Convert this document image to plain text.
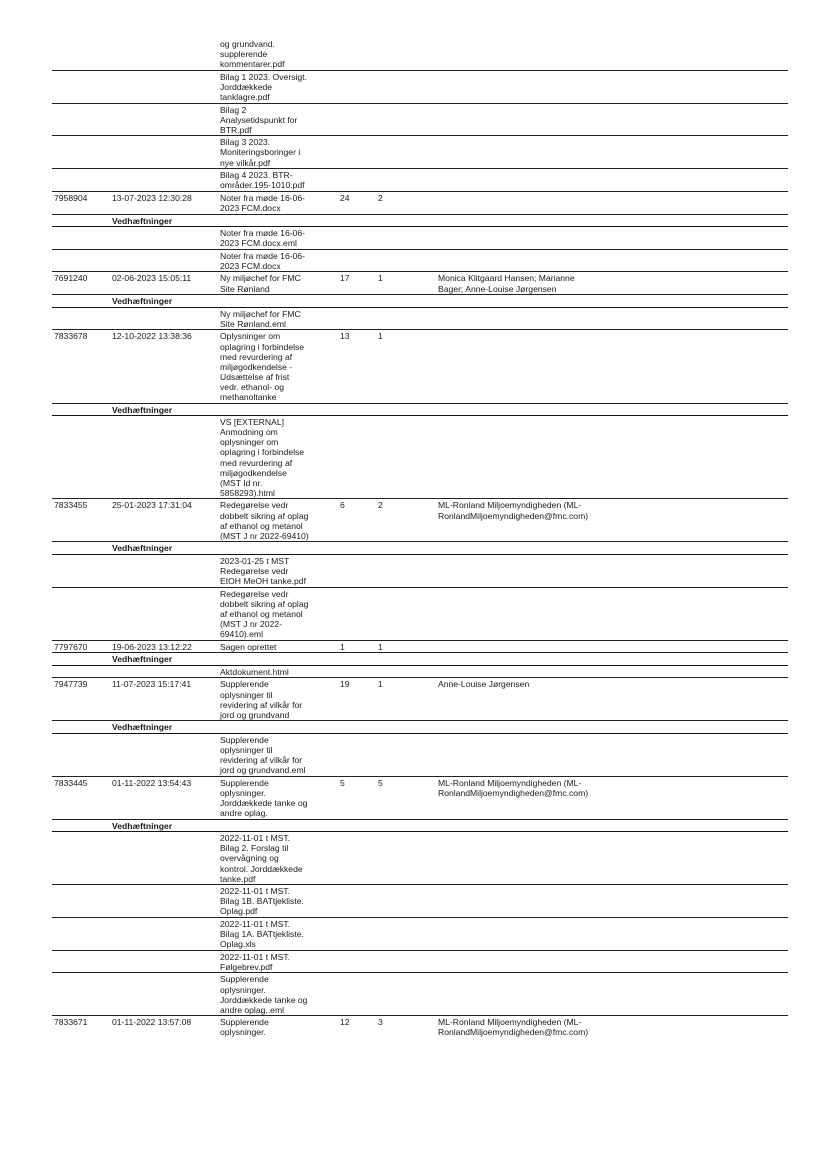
og grundvand.
supplerende
kommentarer.pdf
Bilag 1 2023. Oversigt.
Jorddækkede
tanklagre.pdf
Bilag 2
Analysetidspunkt for
BTR.pdf
Bilag 3 2023.
Moniteringsboringer i
nye vilkår.pdf
Bilag 4 2023. BTR-
områder.195-1010.pdf
7958904	13-07-2023 12:30:28	Noter fra møde 16-06-
2023 FCM.docx
24	2
Vedhæftninger
Noter fra møde 16-06-
2023 FCM.docx.eml
Noter fra møde 16-06-
2023 FCM.docx
7691240	02-06-2023 15:05:11	Ny miljøchef for FMC
Site Rønland
17	1	Monica Klitgaard Hansen; Marianne
Bager; Anne-Louise Jørgensen
Vedhæftninger
Ny miljøchef for FMC
Site Rønland.eml
7833678	12-10-2022 13:38:36	Oplysninger om
oplagring i forbindelse
med revurdering af
miljøgodkendelse -
Udsættelse af frist
vedr. ethanol- og
methanoltanke
13	1
Vedhæftninger
VS [EXTERNAL]
Anmodning om
oplysninger om
oplagring i forbindelse
med revurdering af
miljøgodkendelse
(MST Id nr.
5858293).html
7833455	25-01-2023 17:31:04	Redegørelse vedr
dobbelt sikring af oplag
af ethanol og metanol
(MST J nr 2022-69410)
6	2	ML-Ronland Miljoemyndigheden (ML-
RonlandMiljoemyndigheden@fmc.com)
Vedhæftninger
2023-01-25 t MST
Redegørelse vedr
EtOH MeOH tanke.pdf
Redegørelse vedr
dobbelt sikring af oplag
af ethanol og metanol
(MST J nr 2022-
69410).eml
7797670	19-06-2023 13:12:22	Sagen oprettet	1	1
Vedhæftninger
Aktdokument.html
7947739	11-07-2023 15:17:41	Supplerende
oplysninger til
revidering af vilkår for
jord og grundvand
19	1	Anne-Louise Jørgensen
Vedhæftninger
Supplerende
oplysninger til
revidering af vilkår for
jord og grundvand.eml
7833445	01-11-2022 13:54:43	Supplerende
oplysninger.
Jorddækkede tanke og
andre oplag.
5	5	ML-Ronland Miljoemyndigheden (ML-
RonlandMiljoemyndigheden@fmc.com)
Vedhæftninger
2022-11-01 t MST.
Bilag 2. Forslag til
overvågning og
kontrol. Jorddækkede
tanke.pdf
2022-11-01 t MST.
Bilag 1B. BATtjekliste.
Oplag.pdf
2022-11-01 t MST.
Bilag 1A. BATtjekliste.
Oplag.xls
2022-11-01 t MST.
Følgebrev.pdf
Supplerende
oplysninger.
Jorddækkede tanke og
andre oplag..eml
7833671	01-11-2022 13:57:08	Supplerende
oplysninger.
12	3	ML-Ronland Miljoemyndigheden (ML-
RonlandMiljoemyndigheden@fmc.com)
